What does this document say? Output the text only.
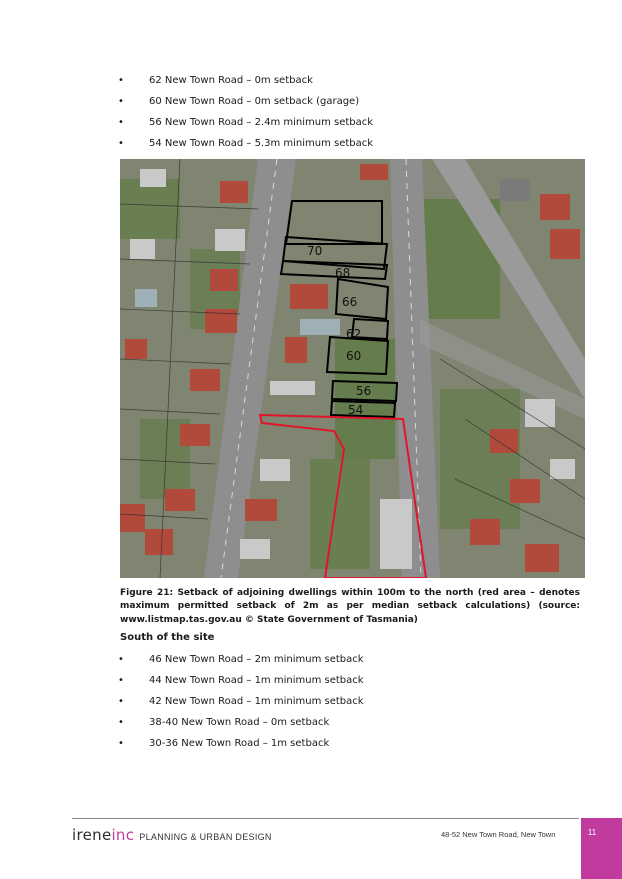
•	62 New Town Road – 0m setback
•	60 New Town Road – 0m setback (garage)
•	56 New Town Road – 2.4m minimum setback
•	54 New Town Road – 5.3m minimum setback
70
68
66
62
60
56
54
Figure 21: Setback of adjoining dwellings within 100m to the north (red area – denotes maximum permitted setback of 2m as per median setback calculations) (source: www.listmap.tas.gov.au © State Government of Tasmania)
South of the site
•	46 New Town Road – 2m minimum setback
•	44 New Town Road – 1m minimum setback
•	42 New Town Road – 1m minimum setback
•	38-40 New Town Road – 0m setback
•	30-36 New Town Road – 1m setback
ireneinc PLANNING & URBAN DESIGN	48-52 New Town Road, New Town	11
